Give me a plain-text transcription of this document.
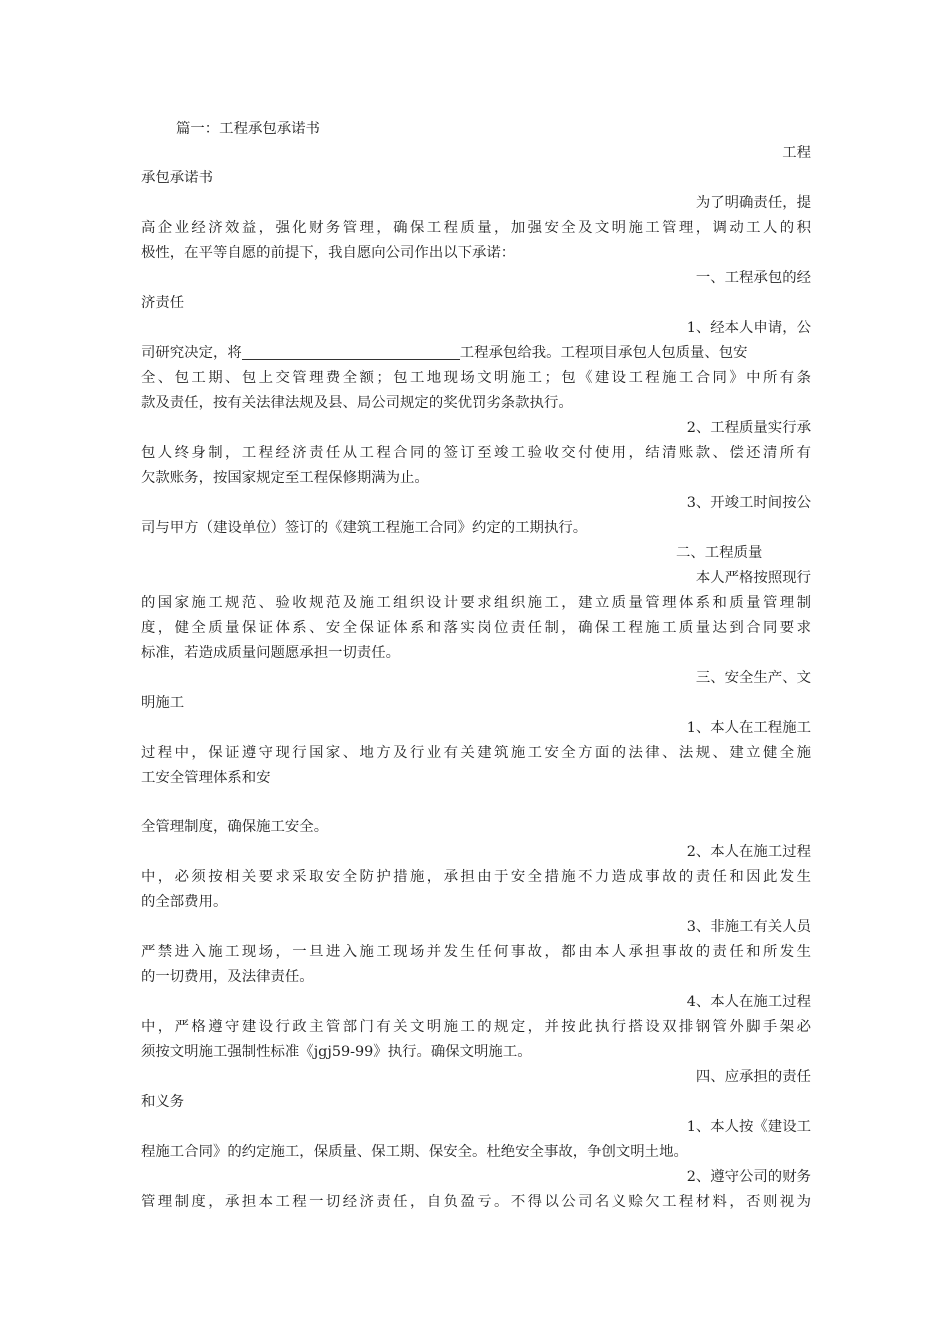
篇一：工程承包承诺书
工程
承包承诺书
为了明确责任，提
高企业经济效益，强化财务管理，确保工程质量，加强安全及文明施工管理，调动工人的积
极性，在平等自愿的前提下，我自愿向公司作出以下承诺：
一、工程承包的经
济责任
1、经本人申请，公
司研究决定，将	工程承包给我。工程项目承包人包质量、包安
全、包工期、包上交管理费全额；包工地现场文明施工；包《建设工程施工合同》中所有条
款及责任，按有关法律法规及县、局公司规定的奖优罚劣条款执行。
2、工程质量实行承
包人终身制，工程经济责任从工程合同的签订至竣工验收交付使用，结清账款、偿还清所有
欠款账务，按国家规定至工程保修期满为止。
3、开竣工时间按公
司与甲方（建设单位）签订的《建筑工程施工合同》约定的工期执行。
二、工程质量
本人严格按照现行
的国家施工规范、验收规范及施工组织设计要求组织施工，建立质量管理体系和质量管理制
度，健全质量保证体系、安全保证体系和落实岗位责任制，确保工程施工质量达到合同要求
标准，若造成质量问题愿承担一切责任。
三、安全生产、文
明施工
1、本人在工程施工
过程中，保证遵守现行国家、地方及行业有关建筑施工安全方面的法律、法规、建立健全施
工安全管理体系和安
全管理制度，确保施工安全。
2、本人在施工过程
中，必须按相关要求采取安全防护措施，承担由于安全措施不力造成事故的责任和因此发生
的全部费用。
3、非施工有关人员
严禁进入施工现场，一旦进入施工现场并发生任何事故，都由本人承担事故的责任和所发生
的一切费用，及法律责任。
4、本人在施工过程
中，严格遵守建设行政主管部门有关文明施工的规定，并按此执行搭设双排钢管外脚手架必
须按文明施工强制性标准《jgj59-99》执行。确保文明施工。
四、应承担的责任
和义务
1、本人按《建设工
程施工合同》的约定施工，保质量、保工期、保安全。杜绝安全事故，争创文明土地。
2、遵守公司的财务
管理制度，承担本工程一切经济责任，自负盈亏。不得以公司名义赊欠工程材料，否则视为
